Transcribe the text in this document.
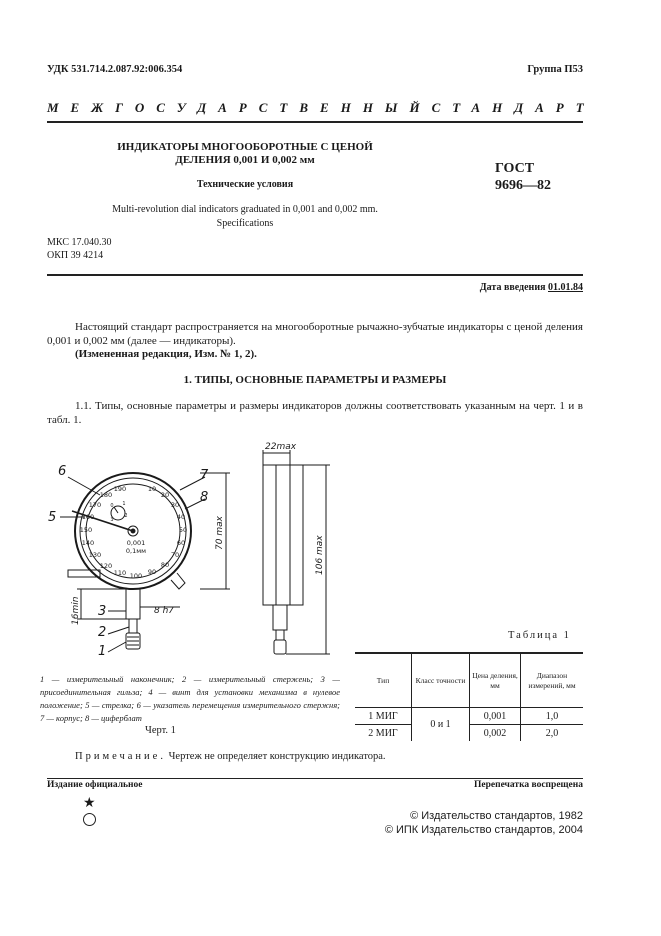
УДК 531.714.2.087.92:006.354	Группа П53
МЕЖГОСУДАРСТВЕННЫЙ СТАНДАРТ
ИНДИКАТОРЫ МНОГООБОРОТНЫЕ С ЦЕНОЙ
ДЕЛЕНИЯ 0,001 И 0,002 мм
Технические условия
Multi-revolution dial indicators graduated in 0,001 and 0,002 mm.
Specifications
ГОСТ
9696—82
МКС 17.040.30
ОКП 39 4214
Дата введения 01.01.84
Настоящий стандарт распространяется на многооборотные рычажно-зубчатые индикаторы с ценой деления 0,001 и 0,002 мм (далее — индикаторы).
(Измененная редакция, Изм. № 1, 2).
1. ТИПЫ, ОСНОВНЫЕ ПАРАМЕТРЫ И РАЗМЕРЫ
1.1. Типы, основные параметры и размеры индикаторов должны соответствовать указанным на черт. 1 и в табл. 1.
10
20
30
40
50
60
70
80
90
100
110
120
130
140
150
160
170
180
190
0 1
2
3
0,001
0,1мм
6	7
8
5
3
2
1
22max
70 max
106 max
16min	8 h7
1 — измерительный наконечник; 2 — измерительный стержень; 3 — присоединительная гильза; 4 — винт для установки механизма в нулевое положение; 5 — стрелка; 6 — указатель перемещения измерительного стержня; 7 — корпус; 8 — циферблат
Черт. 1
Таблица 1
Тип	Класс точности	Цена деления, мм	Диапазон измерений, мм
1 МИГ	0 и 1	0,001	1,0
2 МИГ		0,002	2,0
Примечание. Чертеж не определяет конструкцию индикатора.
Издание официальное	Перепечатка воспрещена
★
© Издательство стандартов, 1982
© ИПК Издательство стандартов, 2004
